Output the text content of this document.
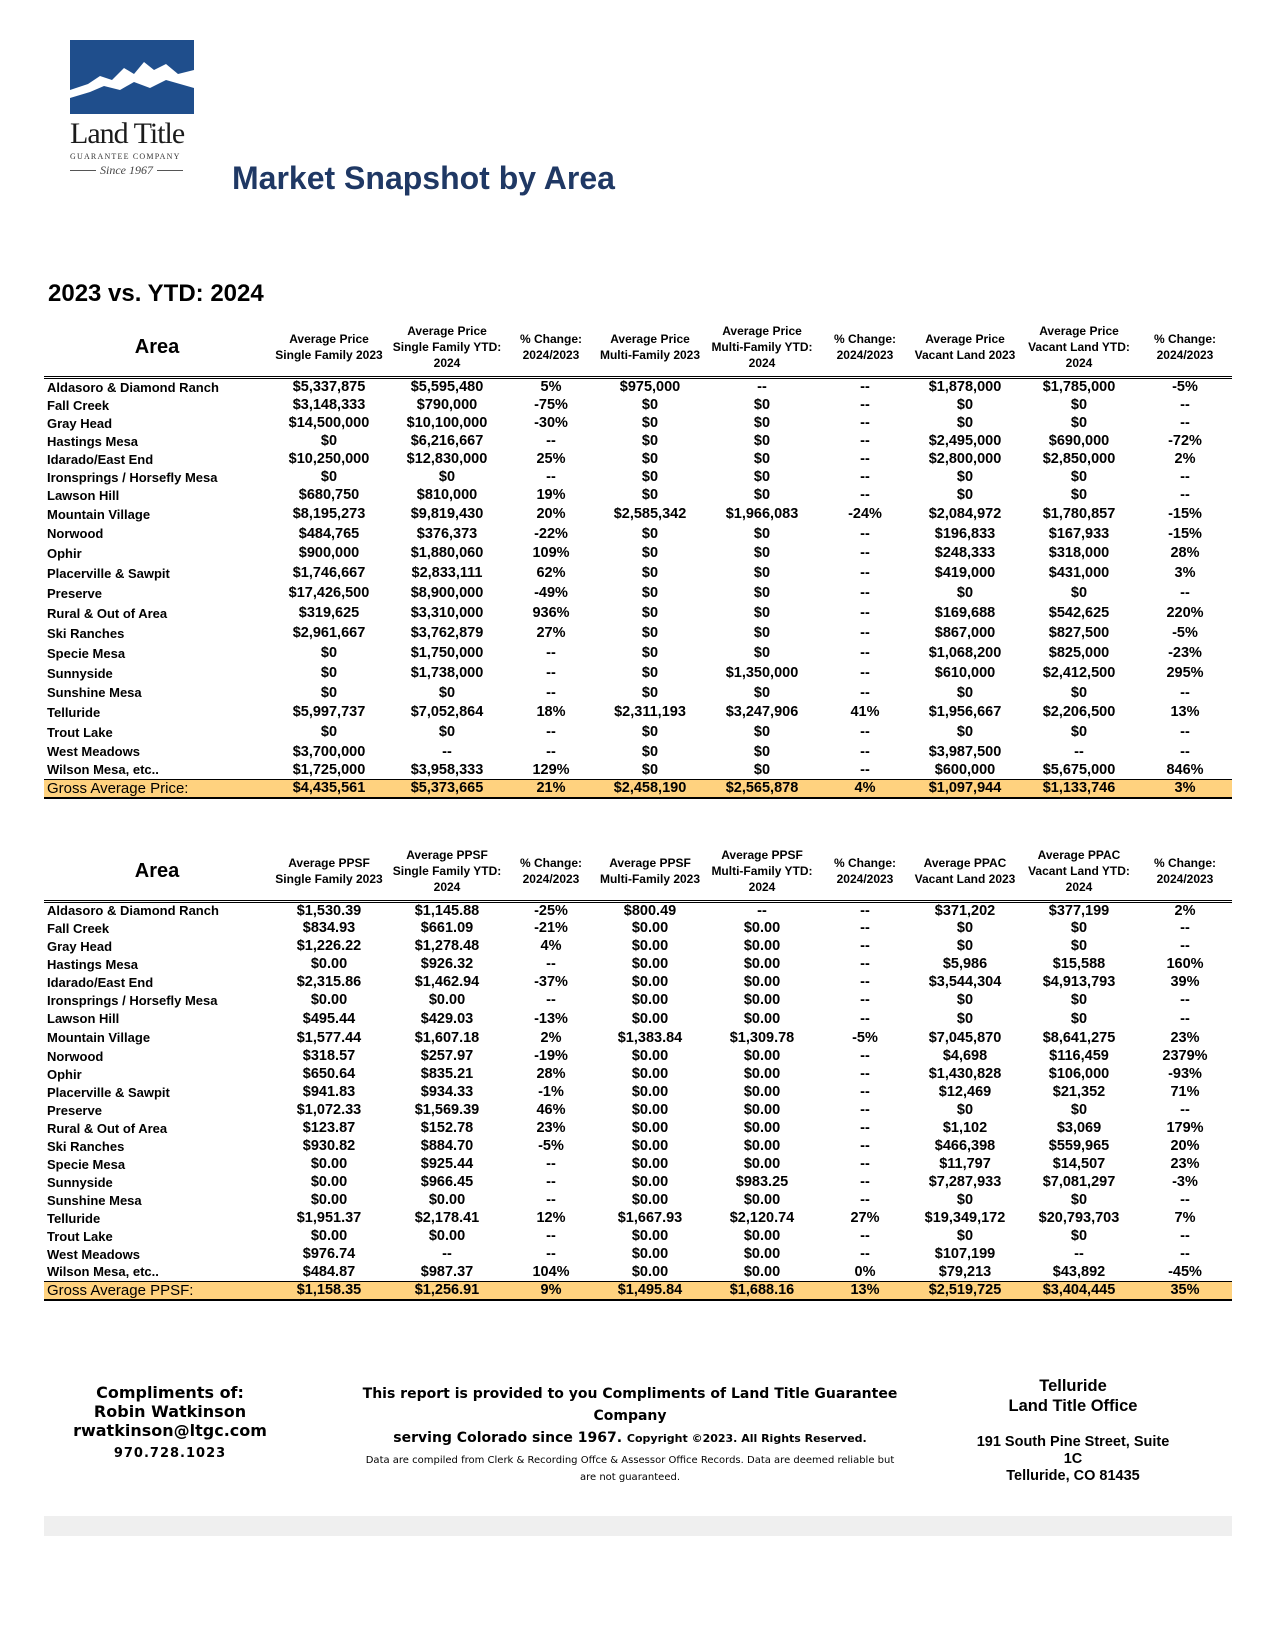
Land Title
GUARANTEE COMPANY
Since 1967 Market Snapshot by Area
2023 vs. YTD: 2024
Area	Average Price Single Family 2023	Average Price Single Family YTD: 2024	% Change: 2024/2023	Average Price Multi-Family 2023	Average Price Multi-Family YTD: 2024	% Change: 2024/2023	Average Price Vacant Land 2023	Average Price Vacant Land YTD: 2024	% Change: 2024/2023
Aldasoro & Diamond Ranch	$5,337,875	$5,595,480	5%	$975,000	--	--	$1,878,000	$1,785,000	-5%
Fall Creek	$3,148,333	$790,000	-75%	$0	$0	--	$0	$0	--
Gray Head	$14,500,000	$10,100,000	-30%	$0	$0	--	$0	$0	--
Hastings Mesa	$0	$6,216,667	--	$0	$0	--	$2,495,000	$690,000	-72%
Idarado/East End	$10,250,000	$12,830,000	25%	$0	$0	--	$2,800,000	$2,850,000	2%
Ironsprings / Horsefly Mesa	$0	$0	--	$0	$0	--	$0	$0	--
Lawson Hill	$680,750	$810,000	19%	$0	$0	--	$0	$0	--
Mountain Village	$8,195,273	$9,819,430	20%	$2,585,342	$1,966,083	-24%	$2,084,972	$1,780,857	-15%
Norwood	$484,765	$376,373	-22%	$0	$0	--	$196,833	$167,933	-15%
Ophir	$900,000	$1,880,060	109%	$0	$0	--	$248,333	$318,000	28%
Placerville & Sawpit	$1,746,667	$2,833,111	62%	$0	$0	--	$419,000	$431,000	3%
Preserve	$17,426,500	$8,900,000	-49%	$0	$0	--	$0	$0	--
Rural & Out of Area	$319,625	$3,310,000	936%	$0	$0	--	$169,688	$542,625	220%
Ski Ranches	$2,961,667	$3,762,879	27%	$0	$0	--	$867,000	$827,500	-5%
Specie Mesa	$0	$1,750,000	--	$0	$0	--	$1,068,200	$825,000	-23%
Sunnyside	$0	$1,738,000	--	$0	$1,350,000	--	$610,000	$2,412,500	295%
Sunshine Mesa	$0	$0	--	$0	$0	--	$0	$0	--
Telluride	$5,997,737	$7,052,864	18%	$2,311,193	$3,247,906	41%	$1,956,667	$2,206,500	13%
Trout Lake	$0	$0	--	$0	$0	--	$0	$0	--
West Meadows	$3,700,000	--	--	$0	$0	--	$3,987,500	--	--
Wilson Mesa, etc..	$1,725,000	$3,958,333	129%	$0	$0	--	$600,000	$5,675,000	846%
Gross Average Price:	$4,435,561	$5,373,665	21%	$2,458,190	$2,565,878	4%	$1,097,944	$1,133,746	3%
Area	Average PPSF Single Family 2023	Average PPSF Single Family YTD: 2024	% Change: 2024/2023	Average PPSF Multi-Family 2023	Average PPSF Multi-Family YTD: 2024	% Change: 2024/2023	Average PPAC Vacant Land 2023	Average PPAC Vacant Land YTD: 2024	% Change: 2024/2023
Aldasoro & Diamond Ranch	$1,530.39	$1,145.88	-25%	$800.49	--	--	$371,202	$377,199	2%
Fall Creek	$834.93	$661.09	-21%	$0.00	$0.00	--	$0	$0	--
Gray Head	$1,226.22	$1,278.48	4%	$0.00	$0.00	--	$0	$0	--
Hastings Mesa	$0.00	$926.32	--	$0.00	$0.00	--	$5,986	$15,588	160%
Idarado/East End	$2,315.86	$1,462.94	-37%	$0.00	$0.00	--	$3,544,304	$4,913,793	39%
Ironsprings / Horsefly Mesa	$0.00	$0.00	--	$0.00	$0.00	--	$0	$0	--
Lawson Hill	$495.44	$429.03	-13%	$0.00	$0.00	--	$0	$0	--
Mountain Village	$1,577.44	$1,607.18	2%	$1,383.84	$1,309.78	-5%	$7,045,870	$8,641,275	23%
Norwood	$318.57	$257.97	-19%	$0.00	$0.00	--	$4,698	$116,459	2379%
Ophir	$650.64	$835.21	28%	$0.00	$0.00	--	$1,430,828	$106,000	-93%
Placerville & Sawpit	$941.83	$934.33	-1%	$0.00	$0.00	--	$12,469	$21,352	71%
Preserve	$1,072.33	$1,569.39	46%	$0.00	$0.00	--	$0	$0	--
Rural & Out of Area	$123.87	$152.78	23%	$0.00	$0.00	--	$1,102	$3,069	179%
Ski Ranches	$930.82	$884.70	-5%	$0.00	$0.00	--	$466,398	$559,965	20%
Specie Mesa	$0.00	$925.44	--	$0.00	$0.00	--	$11,797	$14,507	23%
Sunnyside	$0.00	$966.45	--	$0.00	$983.25	--	$7,287,933	$7,081,297	-3%
Sunshine Mesa	$0.00	$0.00	--	$0.00	$0.00	--	$0	$0	--
Telluride	$1,951.37	$2,178.41	12%	$1,667.93	$2,120.74	27%	$19,349,172	$20,793,703	7%
Trout Lake	$0.00	$0.00	--	$0.00	$0.00	--	$0	$0	--
West Meadows	$976.74	--	--	$0.00	$0.00	--	$107,199	--	--
Wilson Mesa, etc..	$484.87	$987.37	104%	$0.00	$0.00	0%	$79,213	$43,892	-45%
Gross Average PPSF:	$1,158.35	$1,256.91	9%	$1,495.84	$1,688.16	13%	$2,519,725	$3,404,445	35%
Compliments of:
Robin Watkinson
rwatkinson@ltgc.com
970.728.1023
This report is provided to you Compliments of Land Title Guarantee Company
serving Colorado since 1967. Copyright ©2023. All Rights Reserved.
Data are compiled from Clerk & Recording Offce & Assessor Office Records. Data are deemed reliable but are not guaranteed.
Telluride
Land Title Office
191 South Pine Street, Suite 1C
Telluride, CO 81435
